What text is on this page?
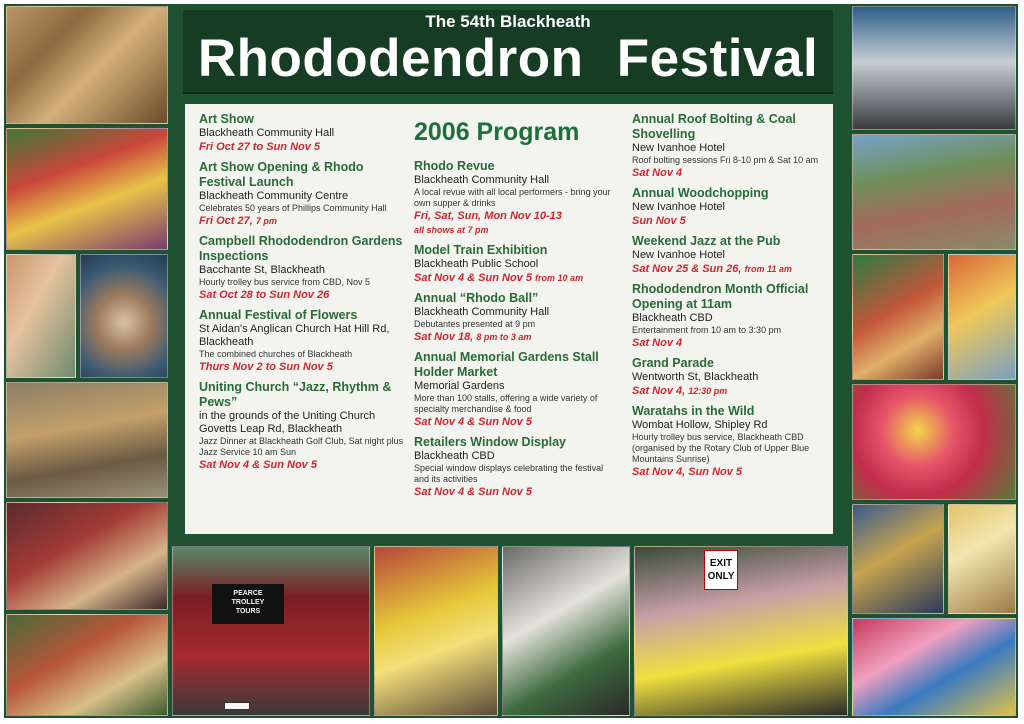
EXIT
ONLY
PEARCE
TROLLEY
TOURS
The 54th Blackheath
Rhododendron Festival
Art Show
Blackheath Community Hall
Fri Oct 27 to Sun Nov 5
Art Show Opening & Rhodo Festival Launch
Blackheath Community Centre
Celebrates 50 years of Phillips Community Hall
Fri Oct 27, 7 pm
Campbell Rhododendron Gardens Inspections
Bacchante St, Blackheath
Hourly trolley bus service from CBD, Nov 5
Sat Oct 28 to Sun Nov 26
Annual Festival of Flowers
St Aidan's Anglican Church Hat Hill Rd, Blackheath
The combined churches of Blackheath
Thurs Nov 2 to Sun Nov 5
Uniting Church “Jazz, Rhythm & Pews”
in the grounds of the Uniting Church Govetts Leap Rd, Blackheath
Jazz Dinner at Blackheath Golf Club, Sat night plus Jazz Service 10 am Sun
Sat Nov 4 & Sun Nov 5
2006 Program
Rhodo Revue
Blackheath Community Hall
A local revue with all local performers - bring your own supper & drinks
Fri, Sat, Sun, Mon Nov 10-13
all shows at 7 pm
Model Train Exhibition
Blackheath Public School
Sat Nov 4 & Sun Nov 5 from 10 am
Annual “Rhodo Ball”
Blackheath Community Hall
Debutantes presented at 9 pm
Sat Nov 18, 8 pm to 3 am
Annual Memorial Gardens Stall Holder Market
Memorial Gardens
More than 100 stalls, offering a wide variety of specialty merchandise & food
Sat Nov 4 & Sun Nov 5
Retailers Window Display
Blackheath CBD
Special window displays celebrating the festival and its activities
Sat Nov 4 & Sun Nov 5
Annual Roof Bolting & Coal Shovelling
New Ivanhoe Hotel
Roof bolting sessions Fri 8-10 pm & Sat 10 am
Sat Nov 4
Annual Woodchopping
New Ivanhoe Hotel
Sun Nov 5
Weekend Jazz at the Pub
New Ivanhoe Hotel
Sat Nov 25 & Sun 26, from 11 am
Rhododendron Month Official Opening at 11am
Blackheath CBD
Entertainment from 10 am to 3:30 pm
Sat Nov 4
Grand Parade
Wentworth St, Blackheath
Sat Nov 4, 12:30 pm
Waratahs in the Wild
Wombat Hollow, Shipley Rd
Hourly trolley bus service, Blackheath CBD (organised by the Rotary Club of Upper Blue Mountains Sunrise)
Sat Nov 4, Sun Nov 5
